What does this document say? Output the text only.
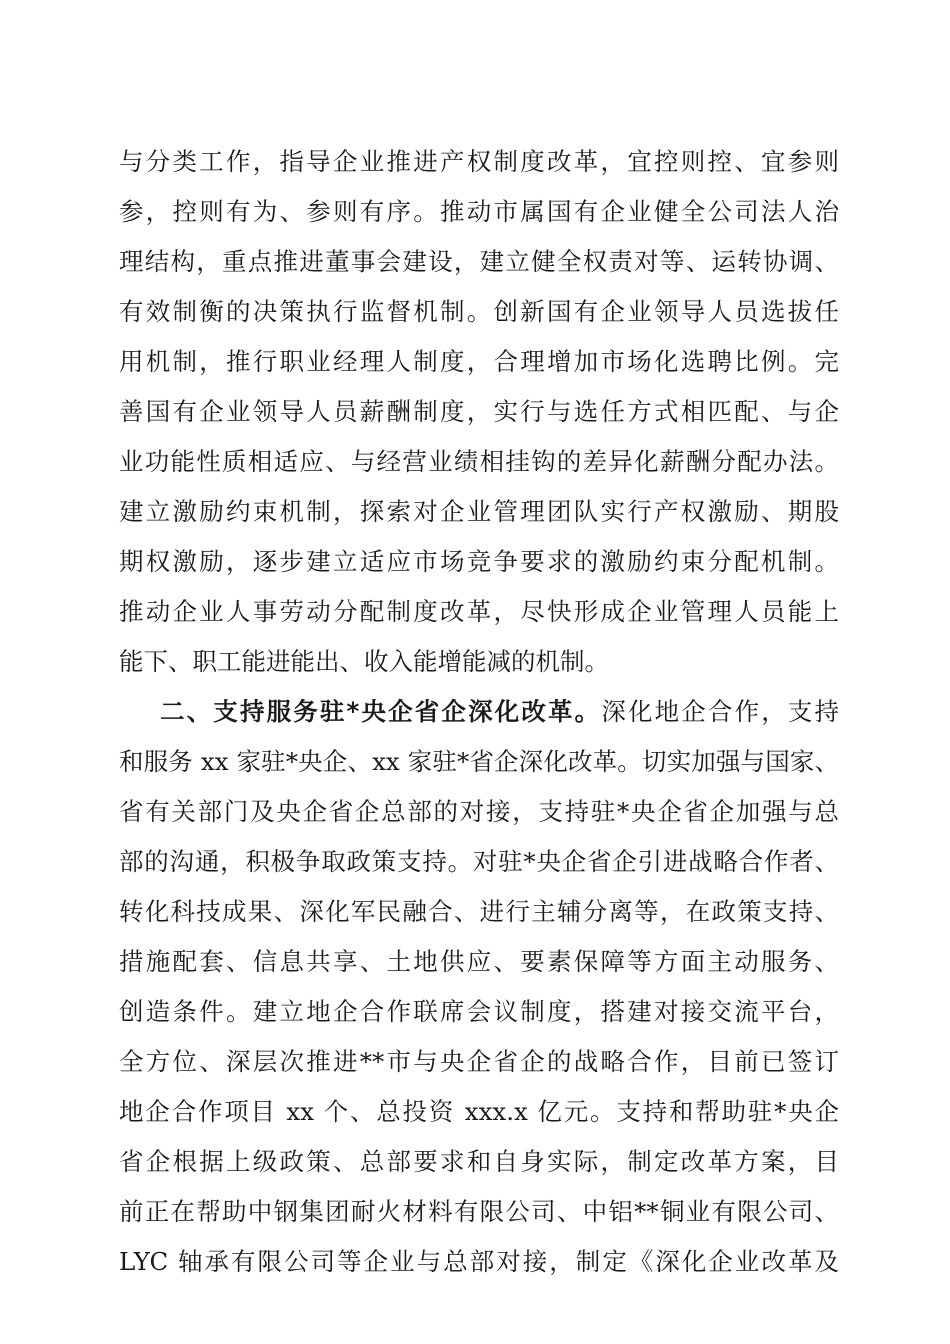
与分类工作，指导企业推进产权制度改革，宜控则控、宜参则
参，控则有为、参则有序。推动市属国有企业健全公司法人治
理结构，重点推进董事会建设，建立健全权责对等、运转协调、
有效制衡的决策执行监督机制。创新国有企业领导人员选拔任
用机制，推行职业经理人制度，合理增加市场化选聘比例。完
善国有企业领导人员薪酬制度，实行与选任方式相匹配、与企
业功能性质相适应、与经营业绩相挂钩的差异化薪酬分配办法。
建立激励约束机制，探索对企业管理团队实行产权激励、期股
期权激励，逐步建立适应市场竞争要求的激励约束分配机制。
推动企业人事劳动分配制度改革，尽快形成企业管理人员能上
能下、职工能进能出、收入能增能减的机制。
二、支持服务驻*央企省企深化改革。深化地企合作，支持
和服务 xx 家驻*央企、xx 家驻*省企深化改革。切实加强与国家、
省有关部门及央企省企总部的对接，支持驻*央企省企加强与总
部的沟通，积极争取政策支持。对驻*央企省企引进战略合作者、
转化科技成果、深化军民融合、进行主辅分离等，在政策支持、
措施配套、信息共享、土地供应、要素保障等方面主动服务、
创造条件。建立地企合作联席会议制度，搭建对接交流平台，
全方位、深层次推进**市与央企省企的战略合作，目前已签订
地企合作项目 xx 个、总投资 xxx.x 亿元。支持和帮助驻*央企
省企根据上级政策、总部要求和自身实际，制定改革方案，目
前正在帮助中钢集团耐火材料有限公司、中铝**铜业有限公司、
LYC 轴承有限公司等企业与总部对接，制定《深化企业改革及
